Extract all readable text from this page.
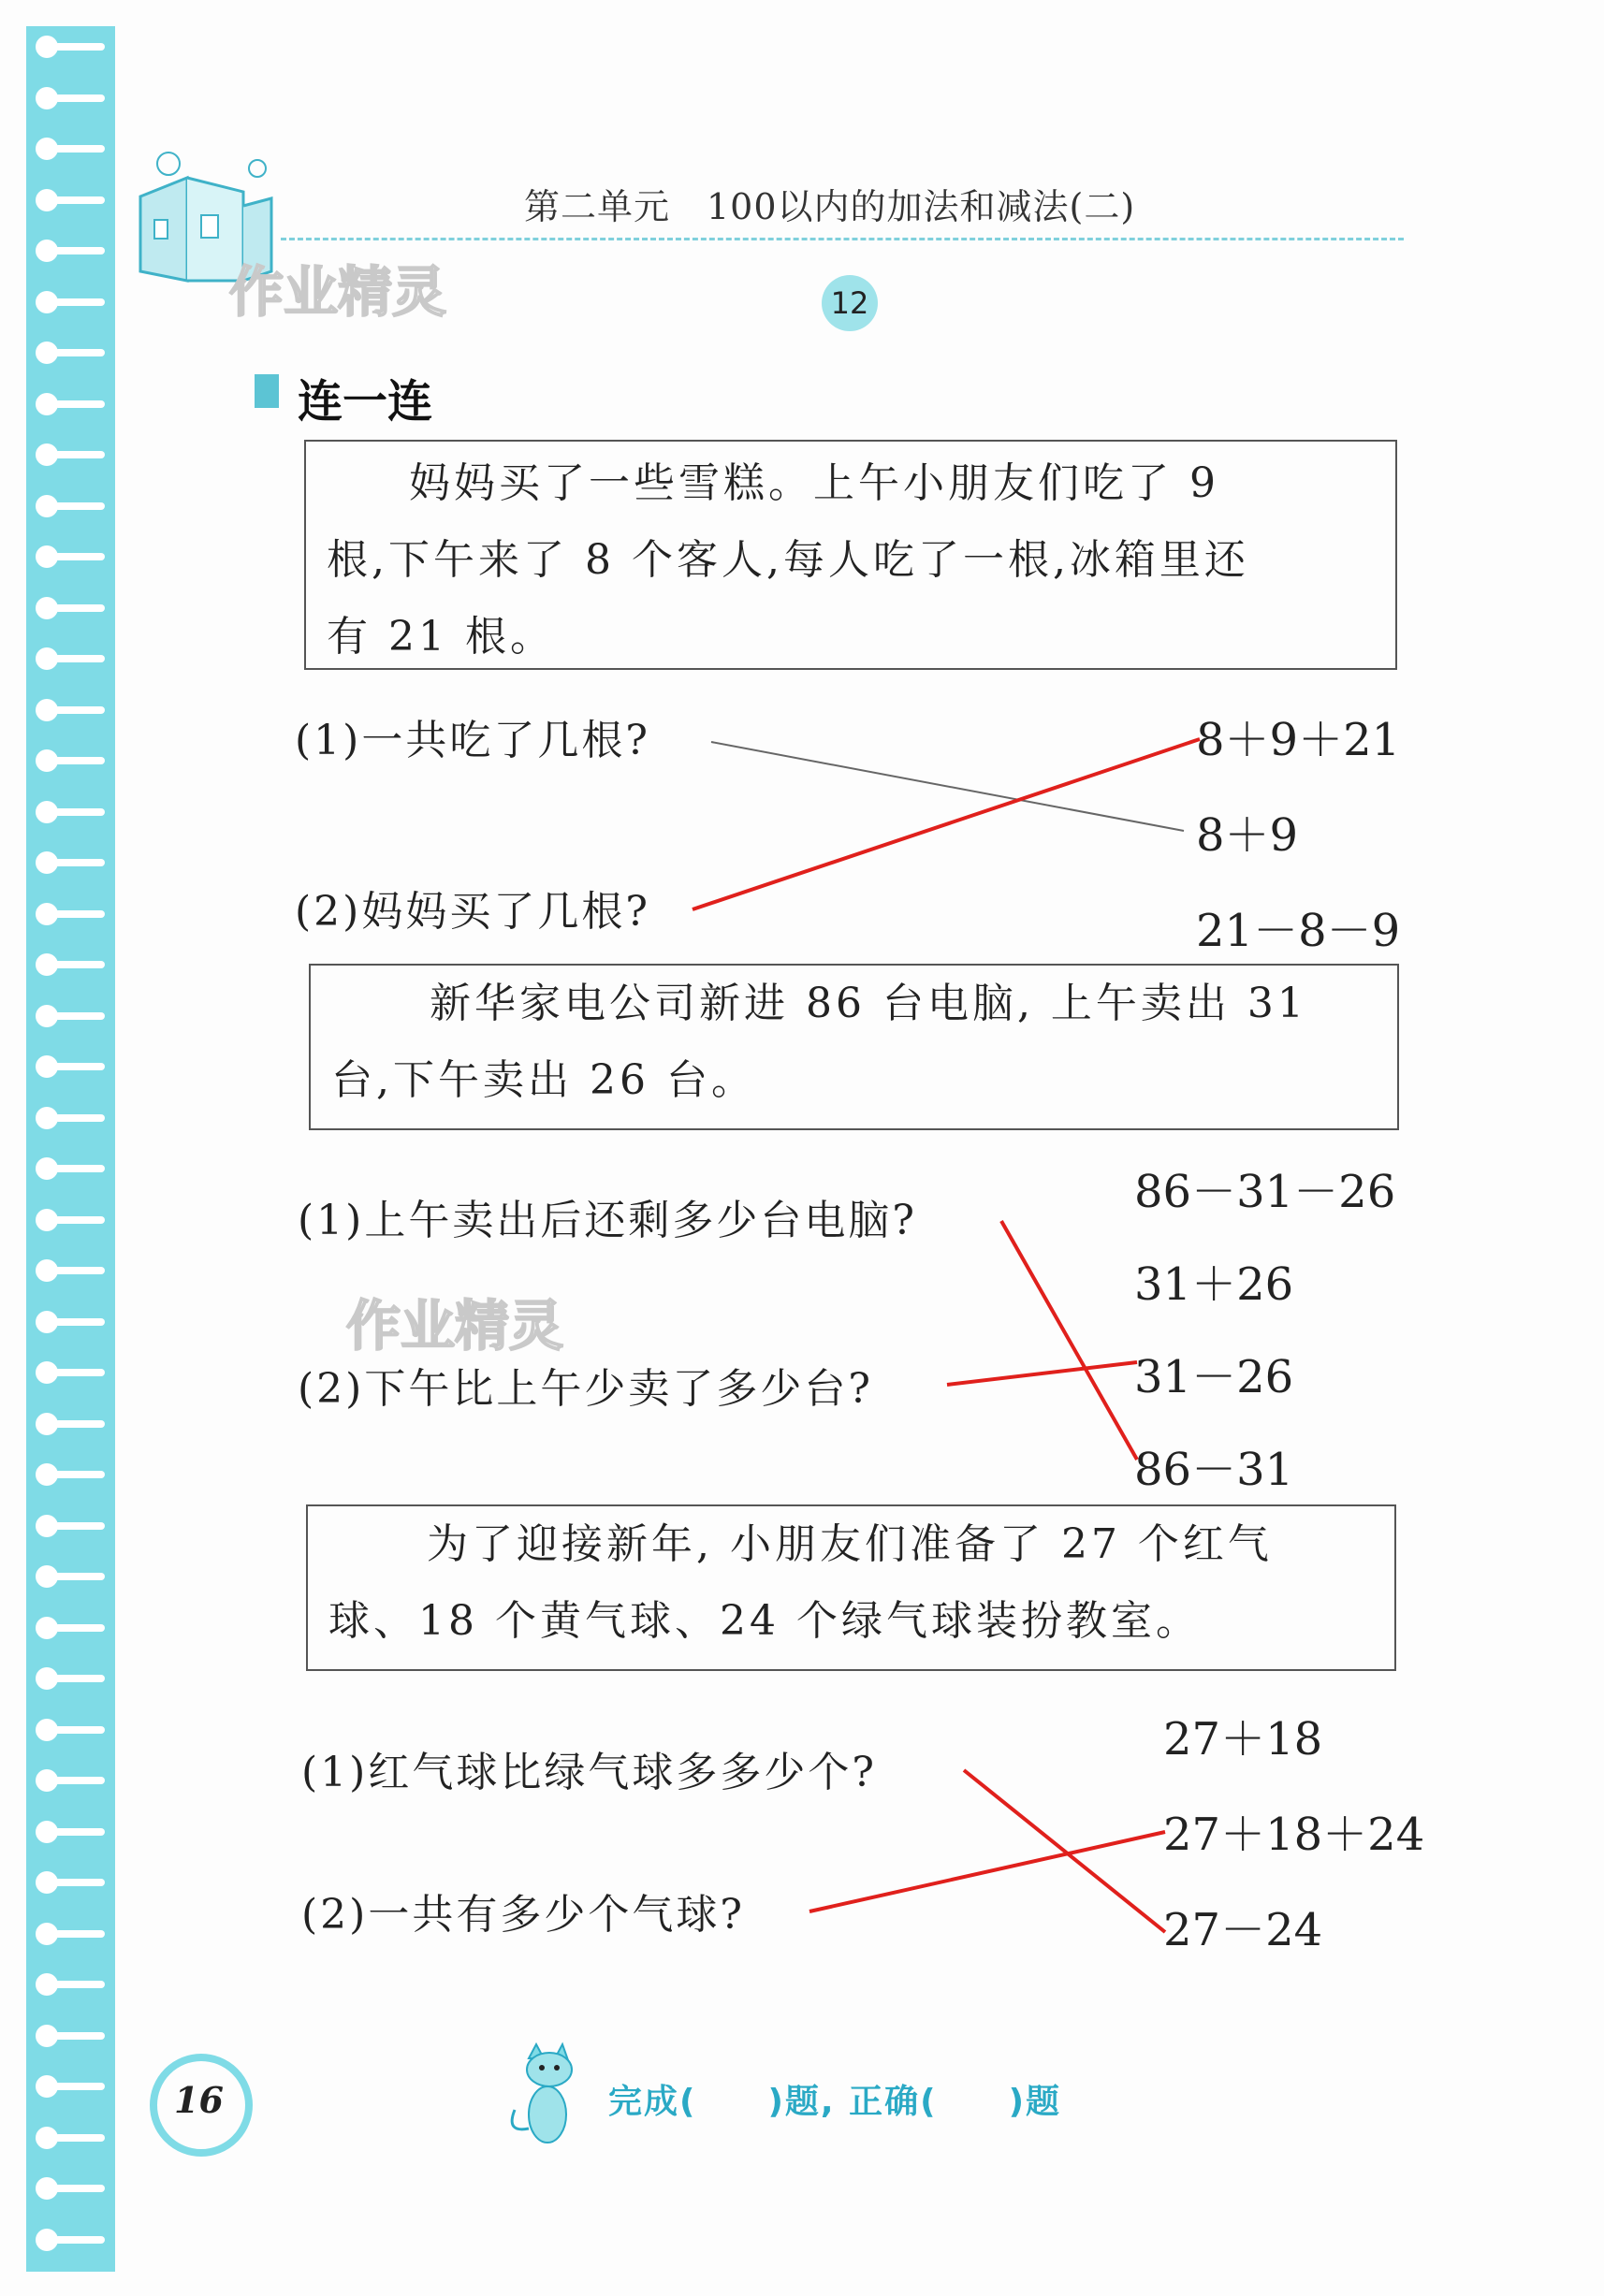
作业精灵
作业精灵
第二单元　100以内的加法和减法(二)
12
连一连

妈妈买了一些雪糕。上午小朋友们吃了 9

根,下午来了 8 个客人,每人吃了一根,冰箱里还

有 21 根。

(1)一共吃了几根?
(2)妈妈买了几根?
8＋9＋21
8＋9
21－8－9

新华家电公司新进 86 台电脑, 上午卖出 31

台,下午卖出 26 台。

(1)上午卖出后还剩多少台电脑?
(2)下午比上午少卖了多少台?
86－31－26
31＋26
31－26
86－31

为了迎接新年, 小朋友们准备了 27 个红气

球、18 个黄气球、24 个绿气球装扮教室。

(1)红气球比绿气球多多少个?
(2)一共有多少个气球?
27＋18
27＋18＋24
27－24
16	完成(　　)题, 正确(　　)题
